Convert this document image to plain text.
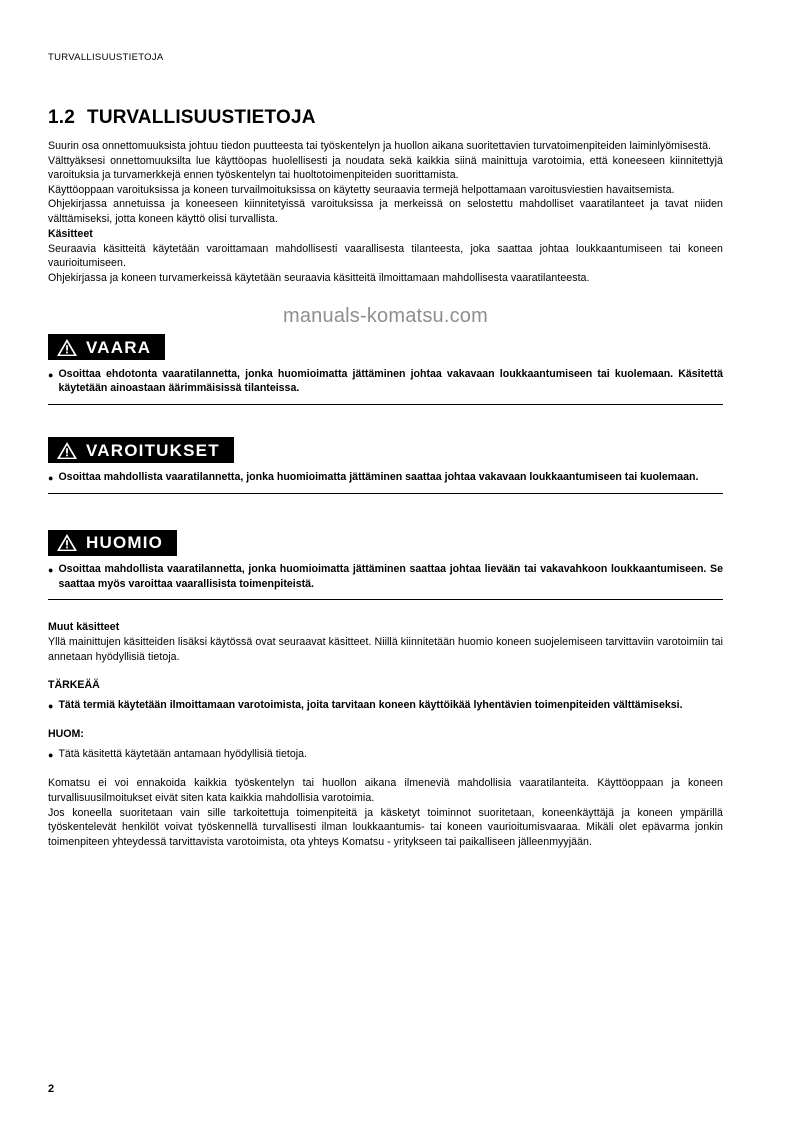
TURVALLISUUSTIETOJA
1.2 TURVALLISUUSTIETOJA

Suurin osa onnettomuuksista johtuu tiedon puutteesta tai työskentelyn ja huollon aikana suoritettavien turvatoimenpiteiden laiminlyömisestä.

Välttyäksesi onnettomuuksilta lue käyttöopas huolellisesti ja noudata sekä kaikkia siinä mainittuja varotoimia, että koneeseen kiinnitettyjä varoituksia ja turvamerkkejä ennen työskentelyn tai huoltotoimenpiteiden suorittamista.

Käyttöoppaan varoituksissa ja koneen turvailmoituksissa on käytetty seuraavia termejä helpottamaan varoitusviestien havaitsemista.

Ohjekirjassa annetuissa ja koneeseen kiinnitetyissä varoituksissa ja merkeissä on selostettu mahdolliset vaaratilanteet ja tavat niiden välttämiseksi, jotta koneen käyttö olisi turvallista.

Käsitteet

Seuraavia käsitteitä käytetään varoittamaan mahdollisesti vaarallisesta tilanteesta, joka saattaa johtaa loukkaantumiseen tai koneen vaurioitumiseen.

Ohjekirjassa ja koneen turvamerkeissä käytetään seuraavia käsitteitä ilmoittamaan mahdollisesta vaaratilanteesta.

manuals-komatsu.com
VAARA
● Osoittaa ehdotonta vaaratilannetta, jonka huomioimatta jättäminen johtaa vakavaan loukkaantumiseen tai kuolemaan. Käsitettä käytetään ainoastaan äärimmäisissä tilanteissa.
VAROITUKSET
● Osoittaa mahdollista vaaratilannetta, jonka huomioimatta jättäminen saattaa johtaa vakavaan loukkaantumiseen tai kuolemaan.
HUOMIO
● Osoittaa mahdollista vaaratilannetta, jonka huomioimatta jättäminen saattaa johtaa lievään tai vakavahkoon loukkaantumiseen. Se saattaa myös varoittaa vaarallisista toimenpiteistä.

Muut käsitteet

Yllä mainittujen käsitteiden lisäksi käytössä ovat seuraavat käsitteet. Niillä kiinnitetään huomio koneen suojelemiseen tarvittaviin varotoimiin tai annetaan hyödyllisiä tietoja.

TÄRKEÄÄ

● Tätä termiä käytetään ilmoittamaan varotoimista, joita tarvitaan koneen käyttöikää lyhentävien toimenpiteiden välttämiseksi.

HUOM:

● Tätä käsitettä käytetään antamaan hyödyllisiä tietoja.

Komatsu ei voi ennakoida kaikkia työskentelyn tai huollon aikana ilmeneviä mahdollisia vaaratilanteita. Käyttöoppaan ja koneen turvallisuusilmoitukset eivät siten kata kaikkia mahdollisia varotoimia.

Jos koneella suoritetaan vain sille tarkoitettuja toimenpiteitä ja käsketyt toiminnot suoritetaan, koneenkäyttäjä ja koneen ympärillä työskentelevät henkilöt voivat työskennellä turvallisesti ilman loukkaantumis- tai koneen vaurioitumisvaaraa. Mikäli olet epävarma jonkin toimenpiteen yhteydessä tarvittavista varotoimista, ota yhteys Komatsu - yritykseen tai paikalliseen jälleenmyyjään.

2
